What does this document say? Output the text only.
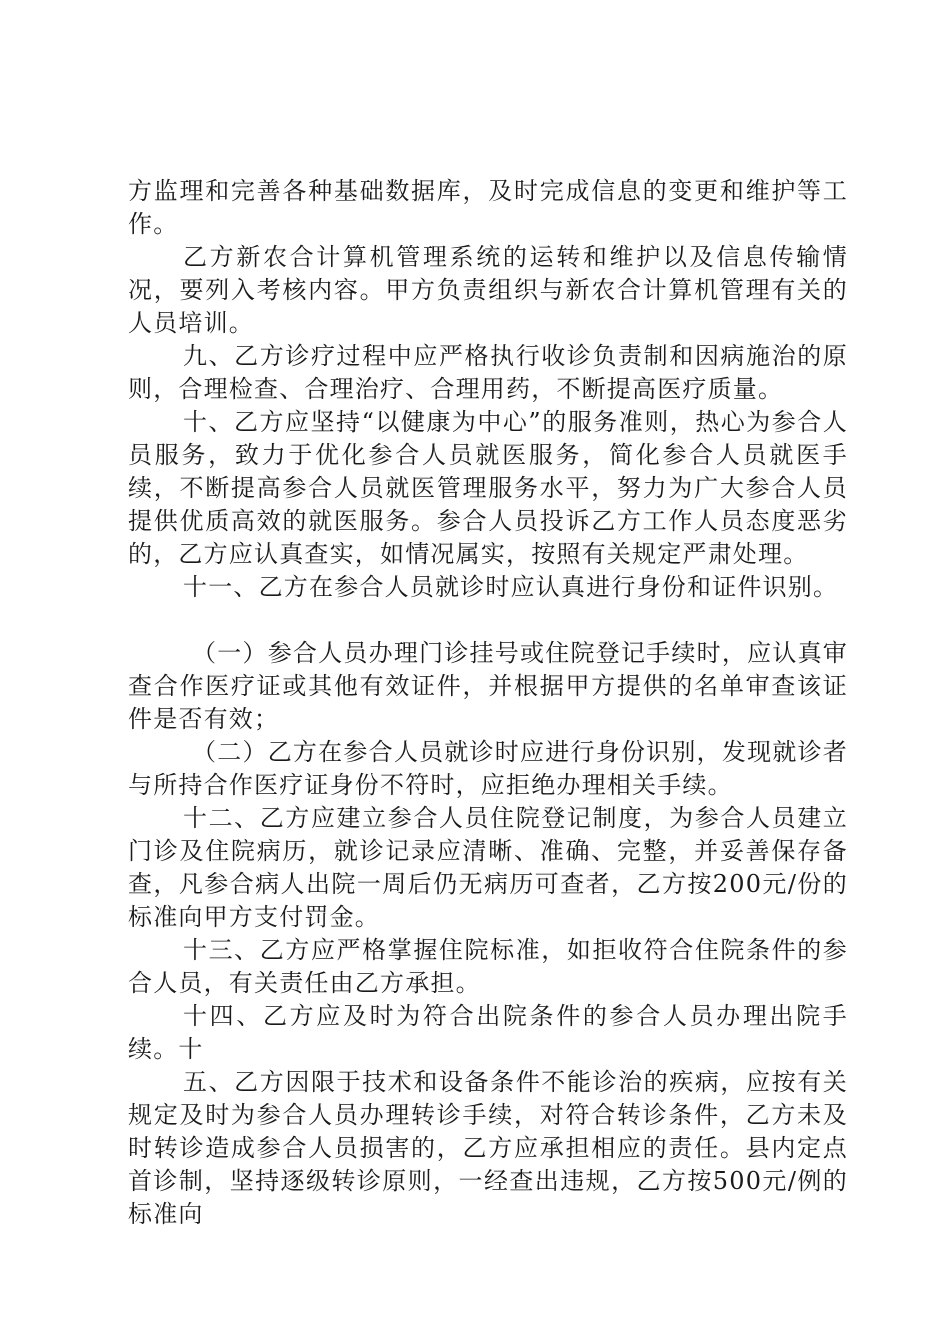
方监理和完善各种基础数据库，及时完成信息的变更和维护等工作。

乙方新农合计算机管理系统的运转和维护以及信息传输情况，要列入考核内容。甲方负责组织与新农合计算机管理有关的人员培训。

九、乙方诊疗过程中应严格执行收诊负责制和因病施治的原则，合理检查、合理治疗、合理用药，不断提高医疗质量。

十、乙方应坚持“以健康为中心”的服务准则，热心为参合人员服务，致力于优化参合人员就医服务，简化参合人员就医手续，不断提高参合人员就医管理服务水平，努力为广大参合人员提供优质高效的就医服务。参合人员投诉乙方工作人员态度恶劣的，乙方应认真查实，如情况属实，按照有关规定严肃处理。

十一、乙方在参合人员就诊时应认真进行身份和证件识别。

（一）参合人员办理门诊挂号或住院登记手续时，应认真审查合作医疗证或其他有效证件，并根据甲方提供的名单审查该证件是否有效；

（二）乙方在参合人员就诊时应进行身份识别，发现就诊者与所持合作医疗证身份不符时，应拒绝办理相关手续。

十二、乙方应建立参合人员住院登记制度，为参合人员建立门诊及住院病历，就诊记录应清晰、准确、完整，并妥善保存备查，凡参合病人出院一周后仍无病历可查者，乙方按200元/份的标准向甲方支付罚金。

十三、乙方应严格掌握住院标准，如拒收符合住院条件的参合人员，有关责任由乙方承担。

十四、乙方应及时为符合出院条件的参合人员办理出院手续。十

五、乙方因限于技术和设备条件不能诊治的疾病，应按有关规定及时为参合人员办理转诊手续，对符合转诊条件，乙方未及时转诊造成参合人员损害的，乙方应承担相应的责任。县内定点首诊制，坚持逐级转诊原则，一经查出违规，乙方按500元/例的标准向
